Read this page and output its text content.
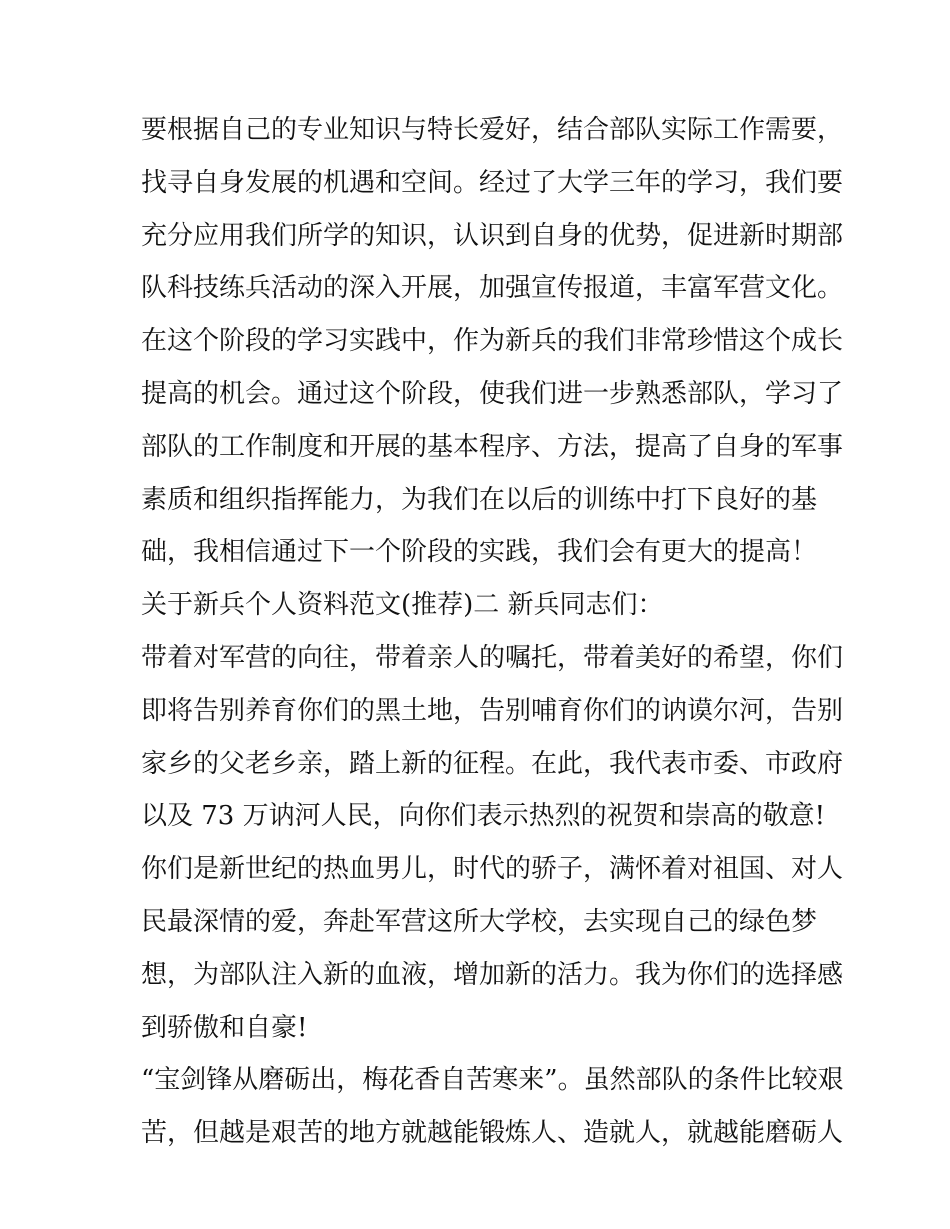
要根据自己的专业知识与特长爱好，结合部队实际工作需要，
找寻自身发展的机遇和空间。经过了大学三年的学习，我们要
充分应用我们所学的知识，认识到自身的优势，促进新时期部
队科技练兵活动的深入开展，加强宣传报道，丰富军营文化。
在这个阶段的学习实践中，作为新兵的我们非常珍惜这个成长
提高的机会。通过这个阶段，使我们进一步熟悉部队，学习了
部队的工作制度和开展的基本程序、方法，提高了自身的军事
素质和组织指挥能力，为我们在以后的训练中打下良好的基
础，我相信通过下一个阶段的实践，我们会有更大的提高！
关于新兵个人资料范文(推荐)二 新兵同志们：
带着对军营的向往，带着亲人的嘱托，带着美好的希望，你们
即将告别养育你们的黑土地，告别哺育你们的讷谟尔河，告别
家乡的父老乡亲，踏上新的征程。在此，我代表市委、市政府
以及 73 万讷河人民，向你们表示热烈的祝贺和崇高的敬意!
你们是新世纪的热血男儿，时代的骄子，满怀着对祖国、对人
民最深情的爱，奔赴军营这所大学校，去实现自己的绿色梦
想，为部队注入新的血液，增加新的活力。我为你们的选择感
到骄傲和自豪!
“宝剑锋从磨砺出，梅花香自苦寒来”。虽然部队的条件比较艰
苦，但越是艰苦的地方就越能锻炼人、造就人，就越能磨砺人
